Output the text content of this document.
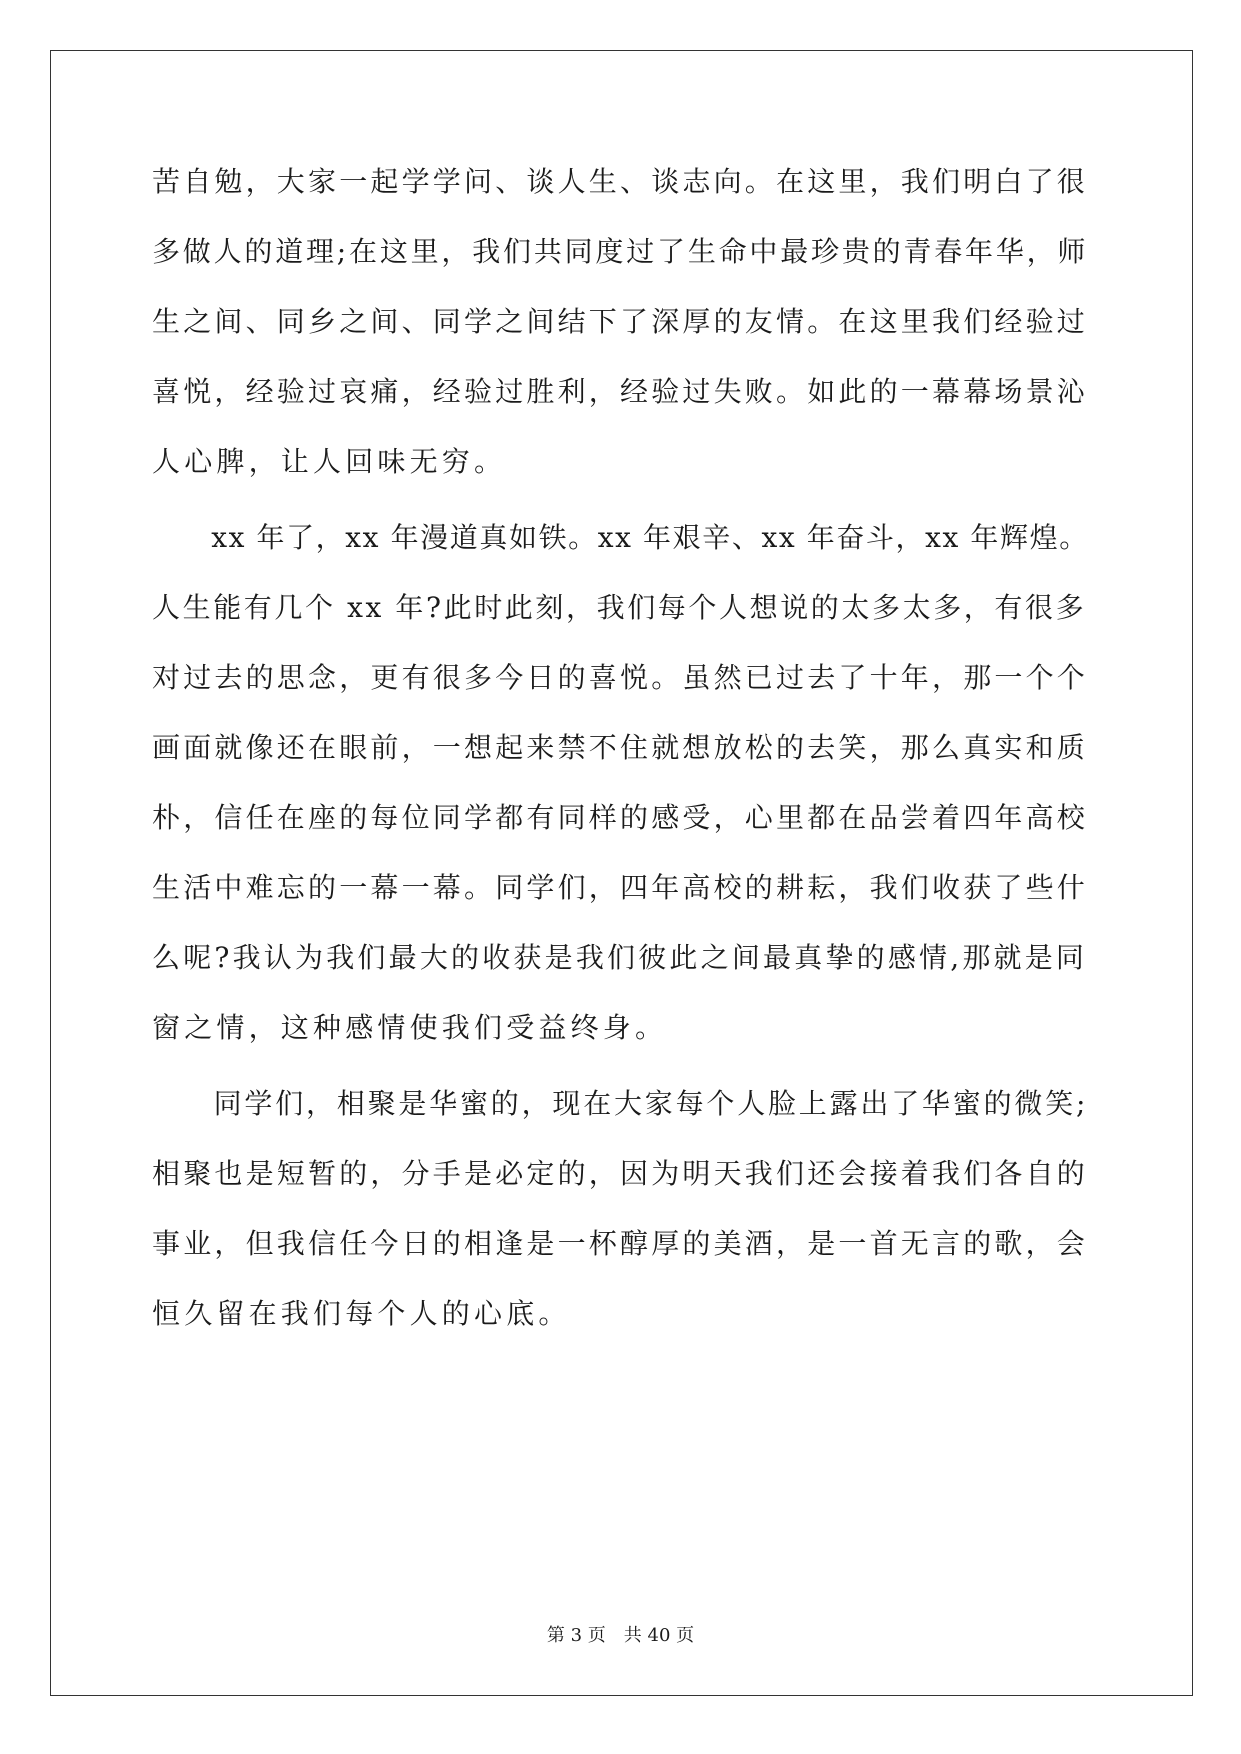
苦自勉，大家一起学学问、谈人生、谈志向。在这里，我们明白了很
多做人的道理;在这里，我们共同度过了生命中最珍贵的青春年华，师
生之间、同乡之间、同学之间结下了深厚的友情。在这里我们经验过
喜悦，经验过哀痛，经验过胜利，经验过失败。如此的一幕幕场景沁
人心脾，让人回味无穷。
　　xx 年了，xx 年漫道真如铁。xx 年艰辛、xx 年奋斗，xx 年辉煌。
人生能有几个 xx 年?此时此刻，我们每个人想说的太多太多，有很多
对过去的思念，更有很多今日的喜悦。虽然已过去了十年，那一个个
画面就像还在眼前，一想起来禁不住就想放松的去笑，那么真实和质
朴，信任在座的每位同学都有同样的感受，心里都在品尝着四年高校
生活中难忘的一幕一幕。同学们，四年高校的耕耘，我们收获了些什
么呢?我认为我们最大的收获是我们彼此之间最真挚的感情,那就是同
窗之情，这种感情使我们受益终身。
　　同学们，相聚是华蜜的，现在大家每个人脸上露出了华蜜的微笑;
相聚也是短暂的，分手是必定的，因为明天我们还会接着我们各自的
事业，但我信任今日的相逢是一杯醇厚的美酒，是一首无言的歌，会
恒久留在我们每个人的心底。
第 3 页　共 40 页
